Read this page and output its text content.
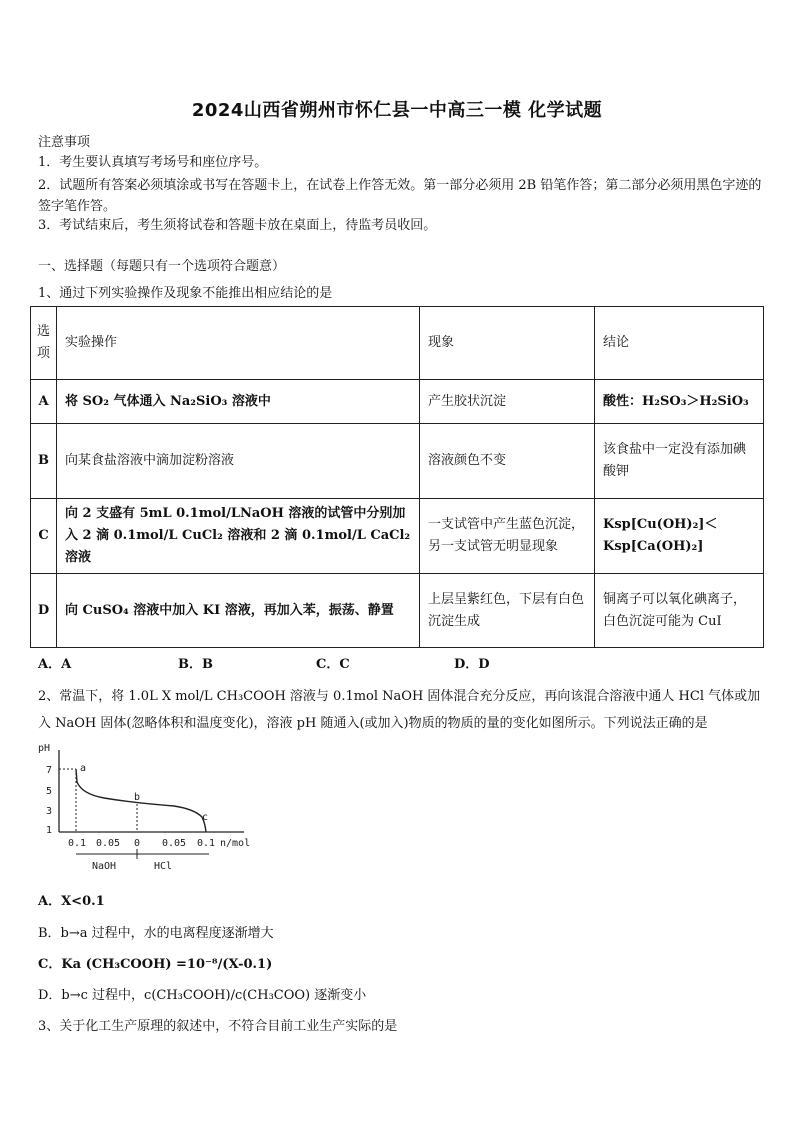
2024山西省朔州市怀仁县一中高三一模 化学试题
注意事项
1．考生要认真填写考场号和座位序号。
2．试题所有答案必须填涂或书写在答题卡上，在试卷上作答无效。第一部分必须用 2B 铅笔作答；第二部分必须用黑色字迹的签字笔作答。
3．考试结束后，考生须将试卷和答题卡放在桌面上，待监考员收回。
一、选择题（每题只有一个选项符合题意）
1、通过下列实验操作及现象不能推出相应结论的是
选项	实验操作	现象	结论
A	将 SO₂ 气体通入 Na₂SiO₃ 溶液中	产生胶状沉淀	酸性：H₂SO₃＞H₂SiO₃
B	向某食盐溶液中滴加淀粉溶液	溶液颜色不变	该食盐中一定没有添加碘酸钾
C	向 2 支盛有 5mL 0.1mol/LNaOH 溶液的试管中分别加入 2 滴 0.1mol/L CuCl₂ 溶液和 2 滴 0.1mol/L CaCl₂ 溶液	一支试管中产生蓝色沉淀，另一支试管无明显现象	Ksp[Cu(OH)₂]＜Ksp[Ca(OH)₂]
D	向 CuSO₄ 溶液中加入 KI 溶液，再加入苯，振荡、静置	上层呈紫红色，下层有白色沉淀生成	铜离子可以氧化碘离子，白色沉淀可能为 CuI
A．A	B．B	C．C	D．D
2、常温下，将 1.0L X mol/L CH₃COOH 溶液与 0.1mol NaOH 固体混合充分反应，再向该混合溶液中通人 HCl 气体或加入 NaOH 固体(忽略体积和温度变化)，溶液 pH 随通入(或加入)物质的物质的量的变化如图所示。下列说法正确的是
pH
7
5
3
1
a
b
c
0.1 0.05 0 0.05 0.1 n/mol
NaOH	HCl
A．X<0.1
B．b→a 过程中，水的电离程度逐渐增大
C．Ka (CH₃COOH) =10⁻⁸/(X-0.1)
D．b→c 过程中，c(CH₃COOH)/c(CH₃COO) 逐渐变小
3、关于化工生产原理的叙述中，不符合目前工业生产实际的是
